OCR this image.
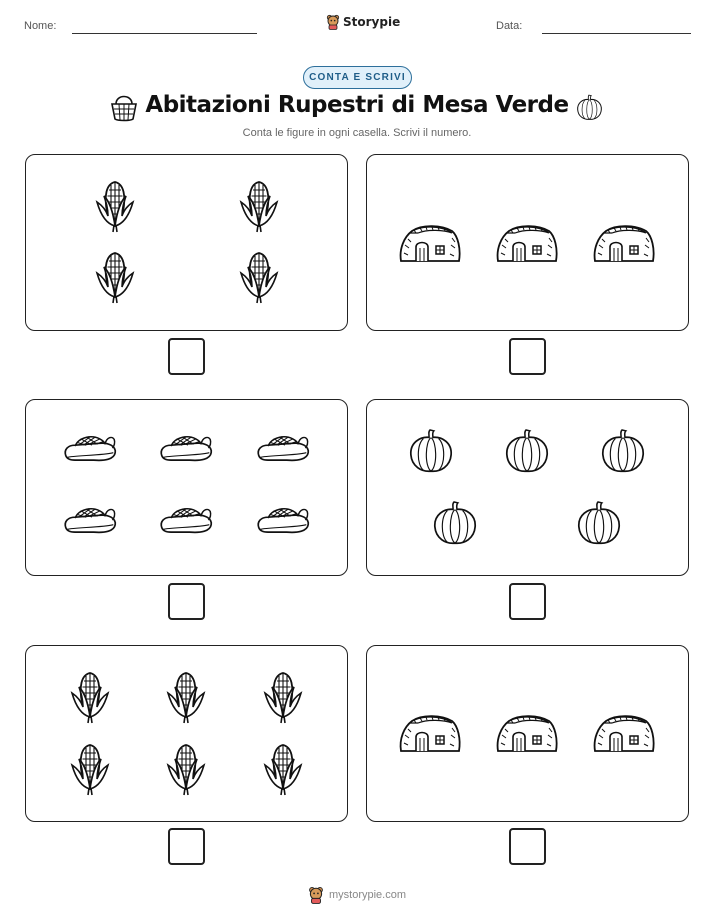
Nome:	Data:
Storypie
CONTA E SCRIVI
Abitazioni Rupestri di Mesa Verde
Conta le figure in ogni casella. Scrivi il numero.
mystorypie.com
